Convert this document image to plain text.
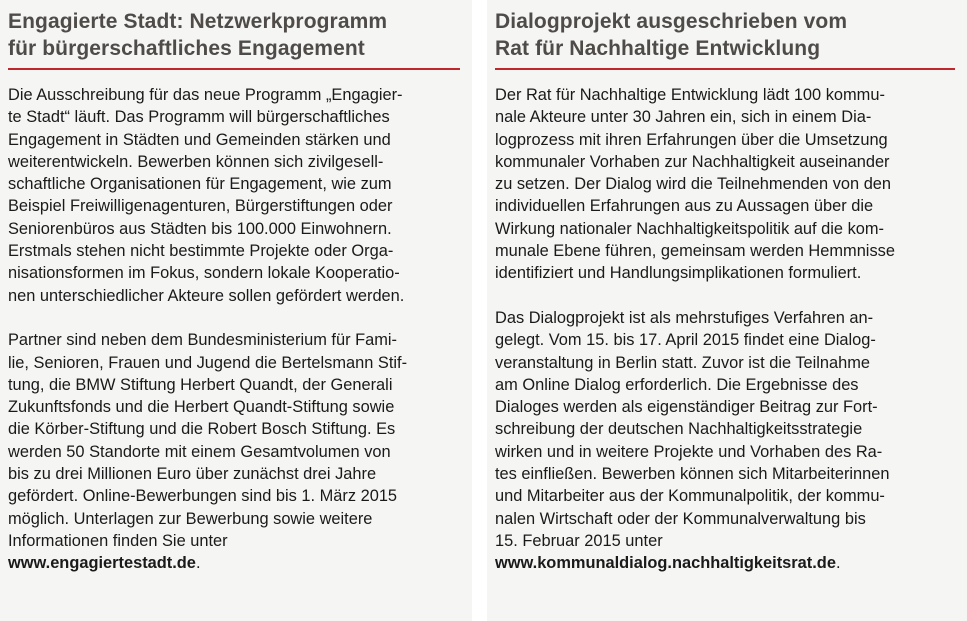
Engagierte Stadt: Netzwerkprogramm
für bürgerschaftliches Engagement

Die Ausschreibung für das neue Programm „Engagier-
te Stadt“ läuft. Das Programm will bürgerschaftliches
Engagement in Städten und Gemeinden stärken und
weiterentwickeln. Bewerben können sich zivilgesell-
schaftliche Organisationen für Engagement, wie zum
Beispiel Freiwilligenagenturen, Bürgerstiftungen oder
Seniorenbüros aus Städten bis 100.000 Einwohnern.
Erstmals stehen nicht bestimmte Projekte oder Orga-
nisationsformen im Fokus, sondern lokale Kooperatio-
nen unterschiedlicher Akteure sollen gefördert werden.

Partner sind neben dem Bundesministerium für Fami-
lie, Senioren, Frauen und Jugend die Bertelsmann Stif-
tung, die BMW Stiftung Herbert Quandt, der Generali
Zukunftsfonds und die Herbert Quandt-Stiftung sowie
die Körber-Stiftung und die Robert Bosch Stiftung. Es
werden 50 Standorte mit einem Gesamtvolumen von
bis zu drei Millionen Euro über zunächst drei Jahre
gefördert. Online-Bewerbungen sind bis 1. März 2015
möglich. Unterlagen zur Bewerbung sowie weitere
Informationen finden Sie unter
www.engagiertestadt.de.

Dialogprojekt ausgeschrieben vom
Rat für Nachhaltige Entwicklung

Der Rat für Nachhaltige Entwicklung lädt 100 kommu-
nale Akteure unter 30 Jahren ein, sich in einem Dia-
logprozess mit ihren Erfahrungen über die Umsetzung
kommunaler Vorhaben zur Nachhaltigkeit auseinander
zu setzen. Der Dialog wird die Teilnehmenden von den
individuellen Erfahrungen aus zu Aussagen über die
Wirkung nationaler Nachhaltigkeitspolitik auf die kom-
munale Ebene führen, gemeinsam werden Hemmnisse
identifiziert und Handlungsimplikationen formuliert.

Das Dialogprojekt ist als mehrstufiges Verfahren an-
gelegt. Vom 15. bis 17. April 2015 findet eine Dialog-
veranstaltung in Berlin statt. Zuvor ist die Teilnahme
am Online Dialog erforderlich. Die Ergebnisse des
Dialoges werden als eigenständiger Beitrag zur Fort-
schreibung der deutschen Nachhaltigkeitsstrategie
wirken und in weitere Projekte und Vorhaben des Ra-
tes einfließen. Bewerben können sich Mitarbeiterinnen
und Mitarbeiter aus der Kommunalpolitik, der kommu-
nalen Wirtschaft oder der Kommunalverwaltung bis
15. Februar 2015 unter
www.kommunaldialog.nachhaltigkeitsrat.de.
